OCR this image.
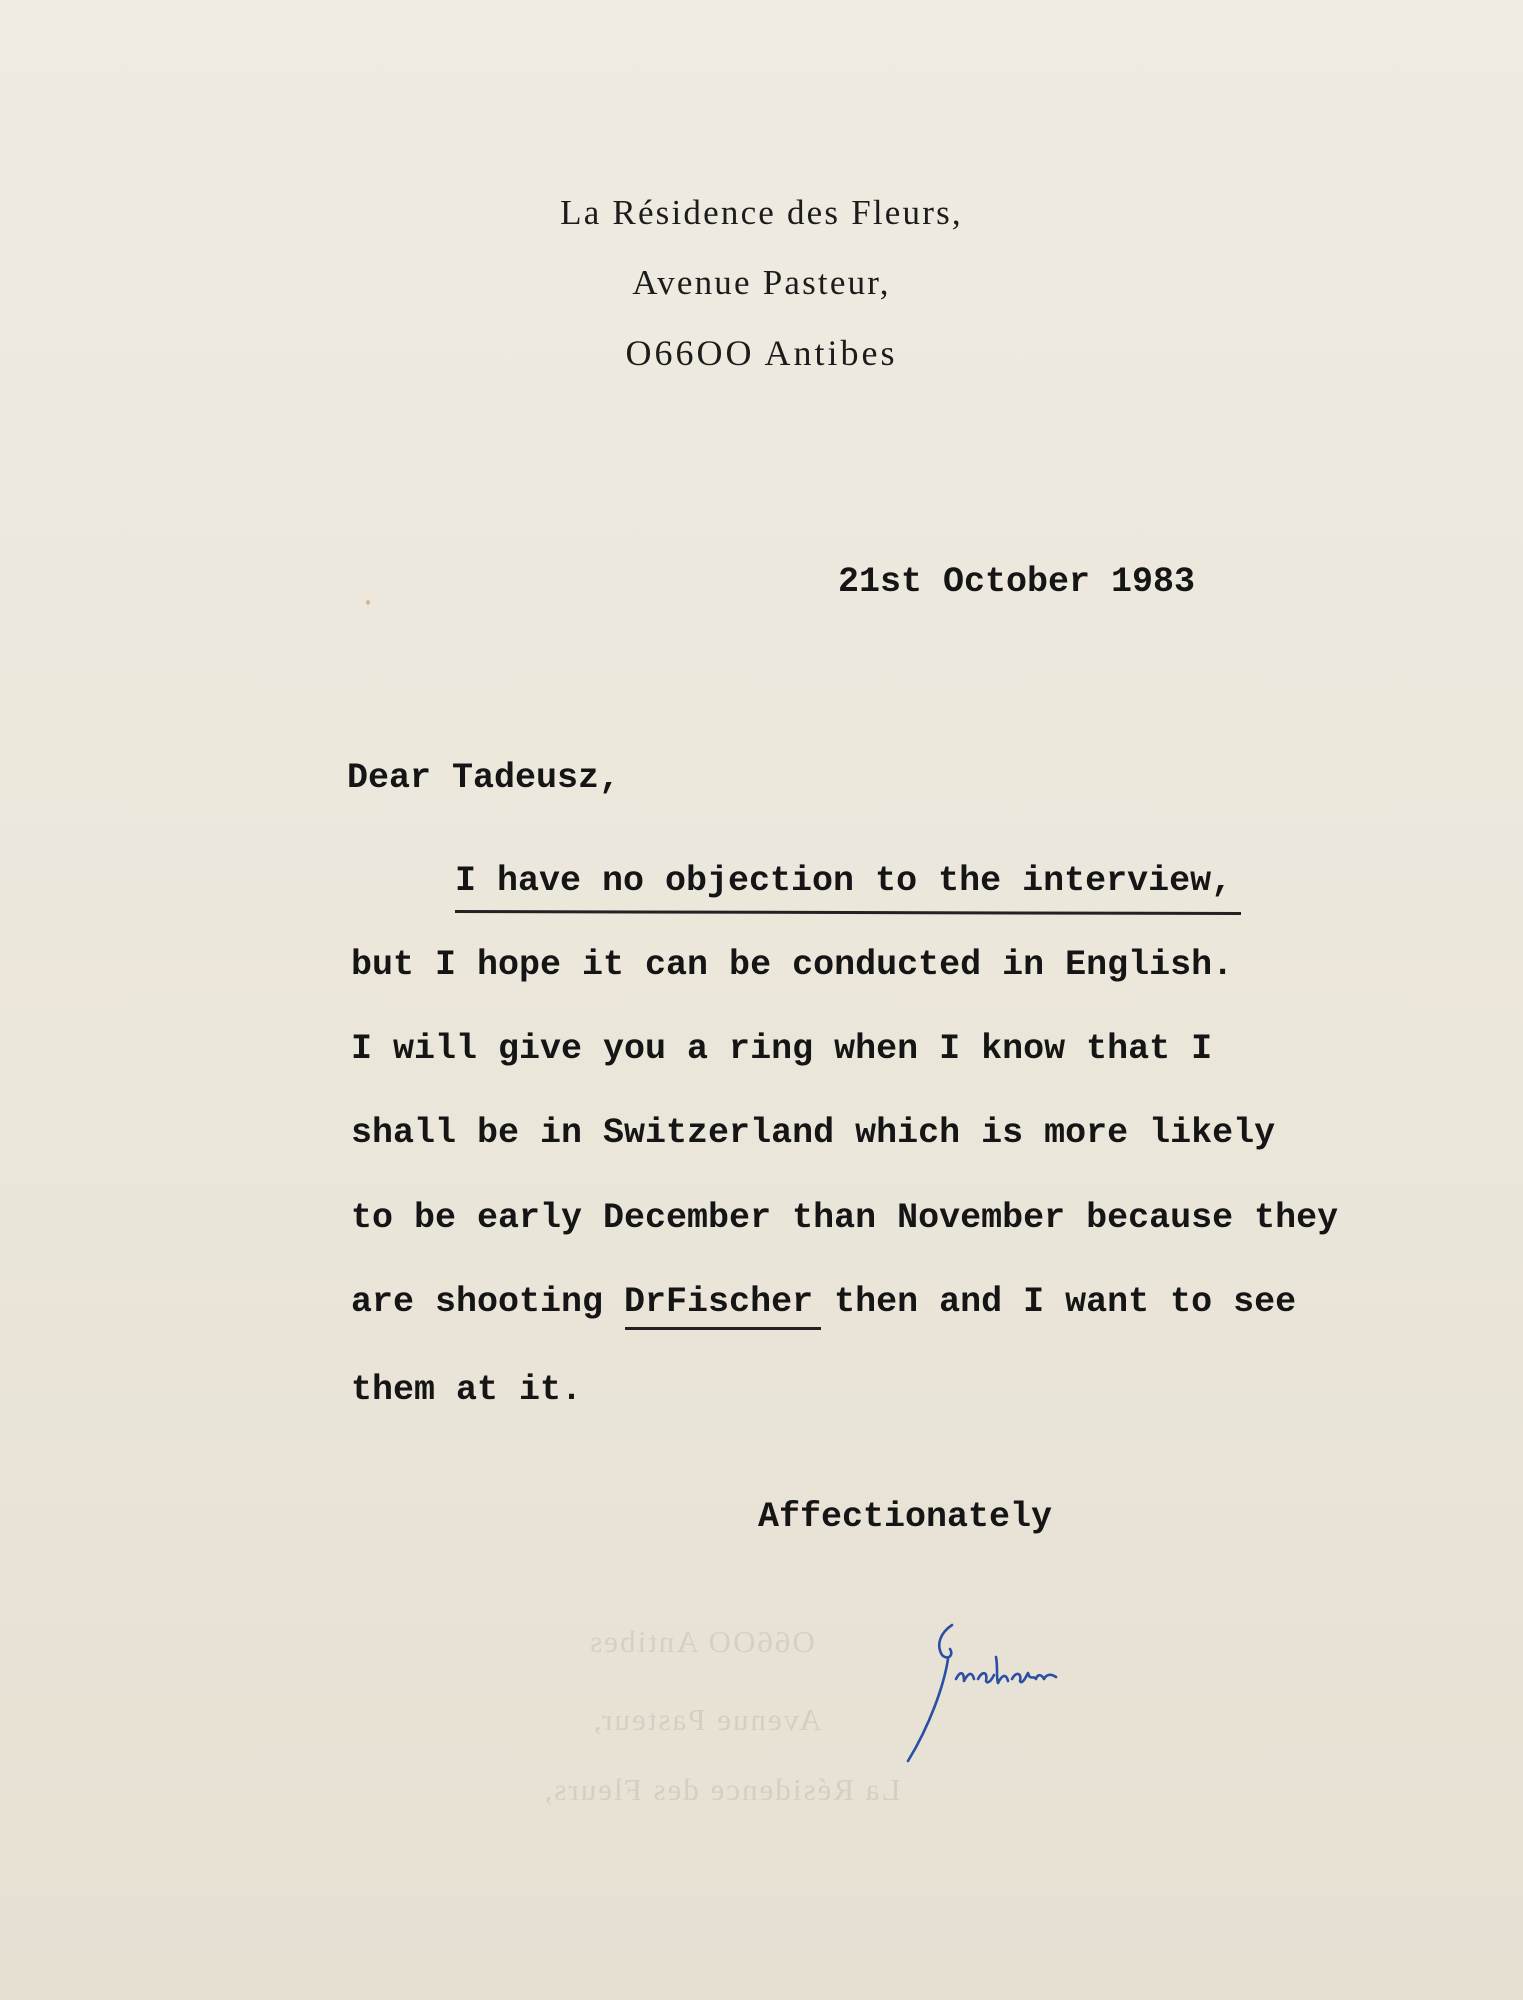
La Résidence des Fleurs,
Avenue Pasteur,
O66OO Antibes
21st October 1983
Dear Tadeusz,
I have no objection to the interview,
but I hope it can be conducted in English.
I will give you a ring when I know that I
shall be in Switzerland which is more likely
to be early December than November because they
are shooting DrFischer then and I want to see
them at it.
Affectionately
O66OO Antibes
Avenue Pasteur,
La Résidence des Fleurs,
